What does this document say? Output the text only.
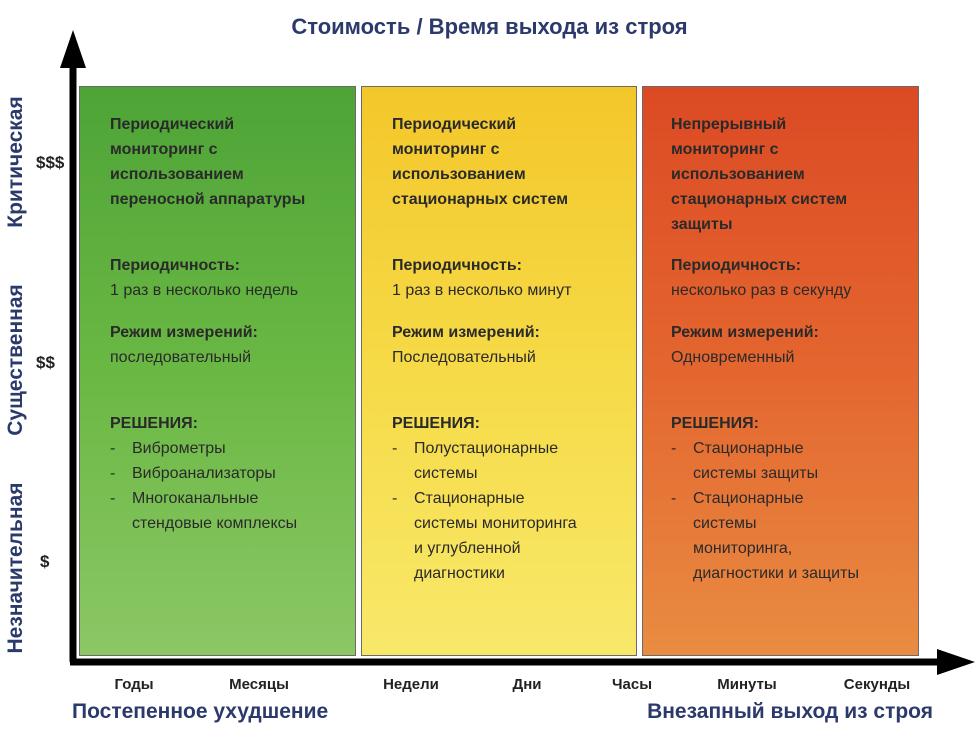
Стоимость / Время выхода из строя
Критическая
Существенная
Незначительная
$$$
$$
$
Периодический
мониторинг с
использованием
переносной аппаратуры
Периодичность:
1 раз в несколько недель
Режим измерений:
последовательный
РЕШЕНИЯ:
- Виброметры
- Виброанализаторы
- Многоканальные
стендовые комплексы
Периодический
мониторинг с
использованием
стационарных систем
Периодичность:
1 раз в несколько минут
Режим измерений:
Последовательный
РЕШЕНИЯ:
- Полустационарные
системы
- Стационарные
системы мониторинга
и углубленной
диагностики
Непрерывный
мониторинг с
использованием
стационарных систем
защиты
Периодичность:
несколько раз в секунду
Режим измерений:
Одновременный
РЕШЕНИЯ:
- Стационарные
системы защиты
- Стационарные
системы
мониторинга,
диагностики и защиты
Годы	Месяцы	Недели	Дни	Часы	Минуты	Секунды
Постепенное ухудшение	Внезапный выход из строя
